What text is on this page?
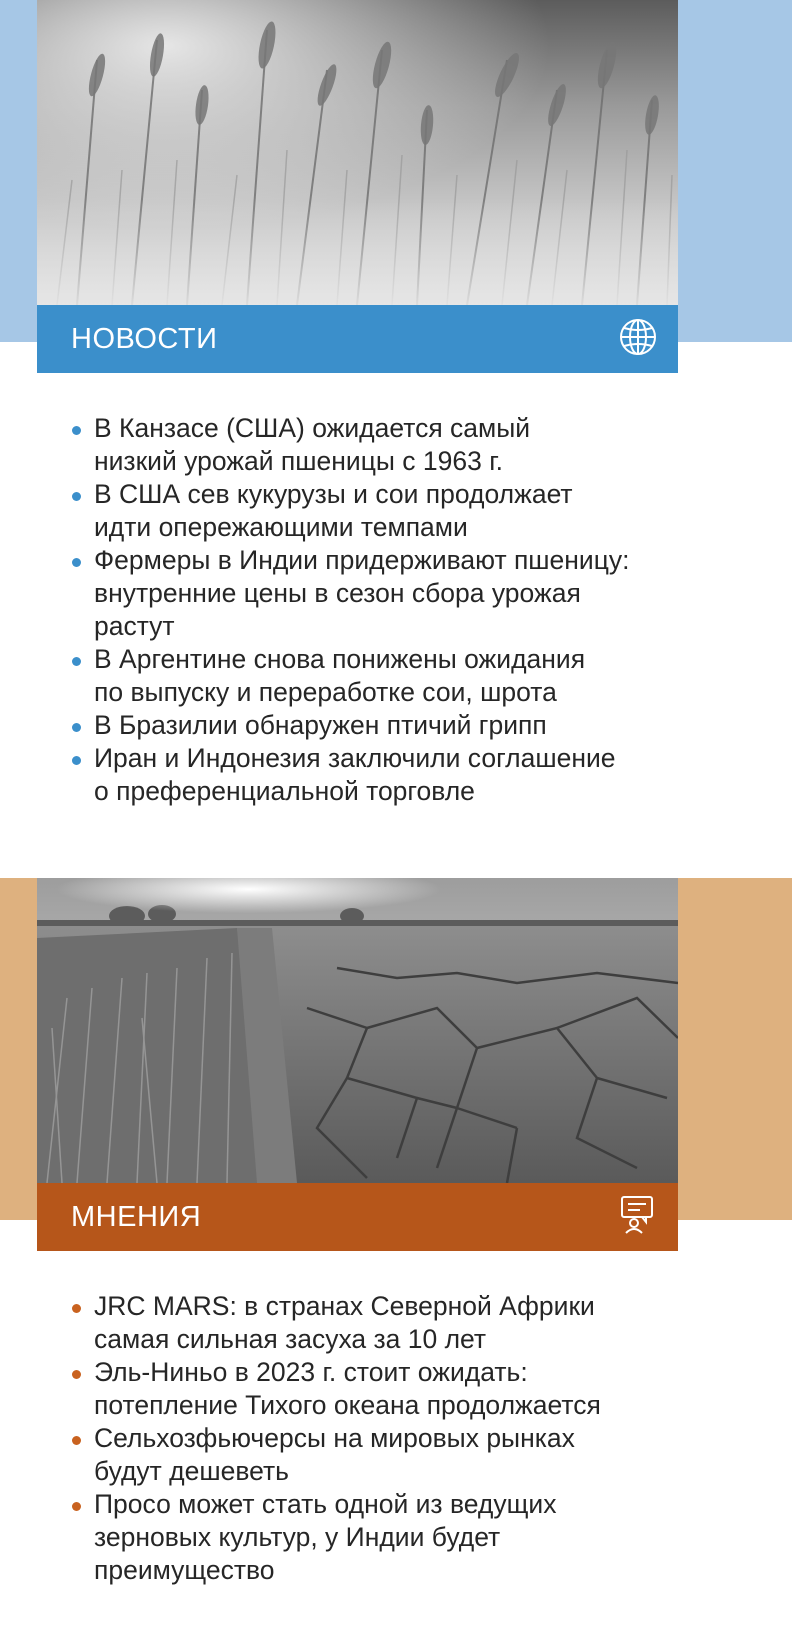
НОВОСТИ
В Канзасе (США) ожидается самый
низкий урожай пшеницы с 1963 г.
В США сев кукурузы и сои продолжает
идти опережающими темпами
Фермеры в Индии придерживают пшеницу:
внутренние цены в сезон сбора урожая
растут
В Аргентине снова понижены ожидания
по выпуску и переработке сои, шрота
В Бразилии обнаружен птичий грипп
Иран и Индонезия заключили соглашение
о преференциальной торговле
МНЕНИЯ
JRC MARS: в странах Северной Африки
самая сильная засуха за 10 лет
Эль-Ниньо в 2023 г. стоит ожидать:
потепление Тихого океана продолжается
Сельхозфьючерсы на мировых рынках
будут дешеветь
Просо может стать одной из ведущих
зерновых культур, у Индии будет
преимущество
